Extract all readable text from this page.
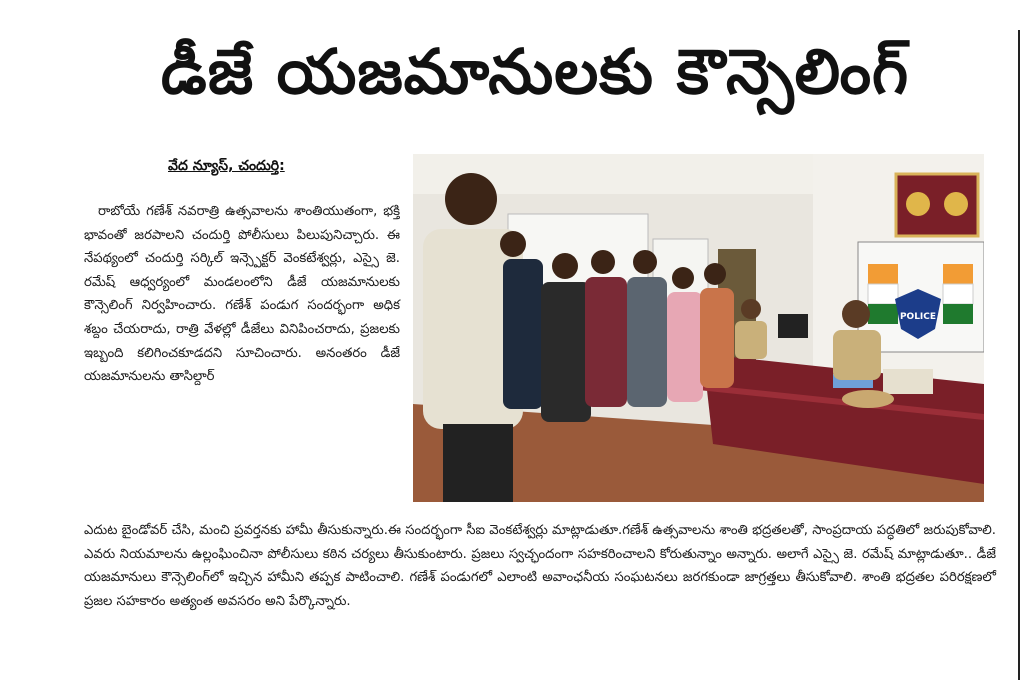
డీజే యజమానులకు కౌన్సెలింగ్
వేద న్యూస్, చందుర్తి:

రాబోయే గణేశ్ నవరాత్రి ఉత్సవాలను శాంతియుతంగా, భక్తి భావంతో జరపాలని చందుర్తి పోలీసులు పిలుపునిచ్చారు. ఈ నేపథ్యంలో చందుర్తి సర్కిల్ ఇన్స్పెక్టర్ వెంకటేశ్వర్లు, ఎస్సై జె. రమేష్ ఆధ్వర్యంలో మండలంలోని డీజే యజమానులకు కౌన్సెలింగ్ నిర్వహించారు. గణేశ్ పండుగ సందర్భంగా అధిక శబ్దం చేయరాదు, రాత్రి వేళల్లో డీజేలు వినిపించరాదు, ప్రజలకు ఇబ్బంది కలిగించకూడదని సూచించారు. అనంతరం డీజే యజమానులను తాసిల్దార్

POLICE

ఎదుట బైండోవర్ చేసి, మంచి ప్రవర్తనకు హామీ తీసుకున్నారు.ఈ సందర్భంగా సీఐ వెంకటేశ్వర్లు మాట్లాడుతూ.గణేశ్ ఉత్సవాలను శాంతి భద్రతలతో, సాంప్రదాయ పద్ధతిలో జరుపుకోవాలి. ఎవరు నియమాలను ఉల్లంఘించినా పోలీసులు కఠిన చర్యలు తీసుకుంటారు. ప్రజలు స్వచ్ఛందంగా సహకరించాలని కోరుతున్నాం అన్నారు. అలాగే ఎస్సై జె. రమేష్ మాట్లాడుతూ.. డీజే యజమానులు కౌన్సెలింగ్‌లో ఇచ్చిన హామీని తప్పక పాటించాలి. గణేశ్ పండుగలో ఎలాంటి అవాంఛనీయ సంఘటనలు జరగకుండా జాగ్రత్తలు తీసుకోవాలి. శాంతి భద్రతల పరిరక్షణలో ప్రజల సహకారం అత్యంత అవసరం అని పేర్కొన్నారు.
